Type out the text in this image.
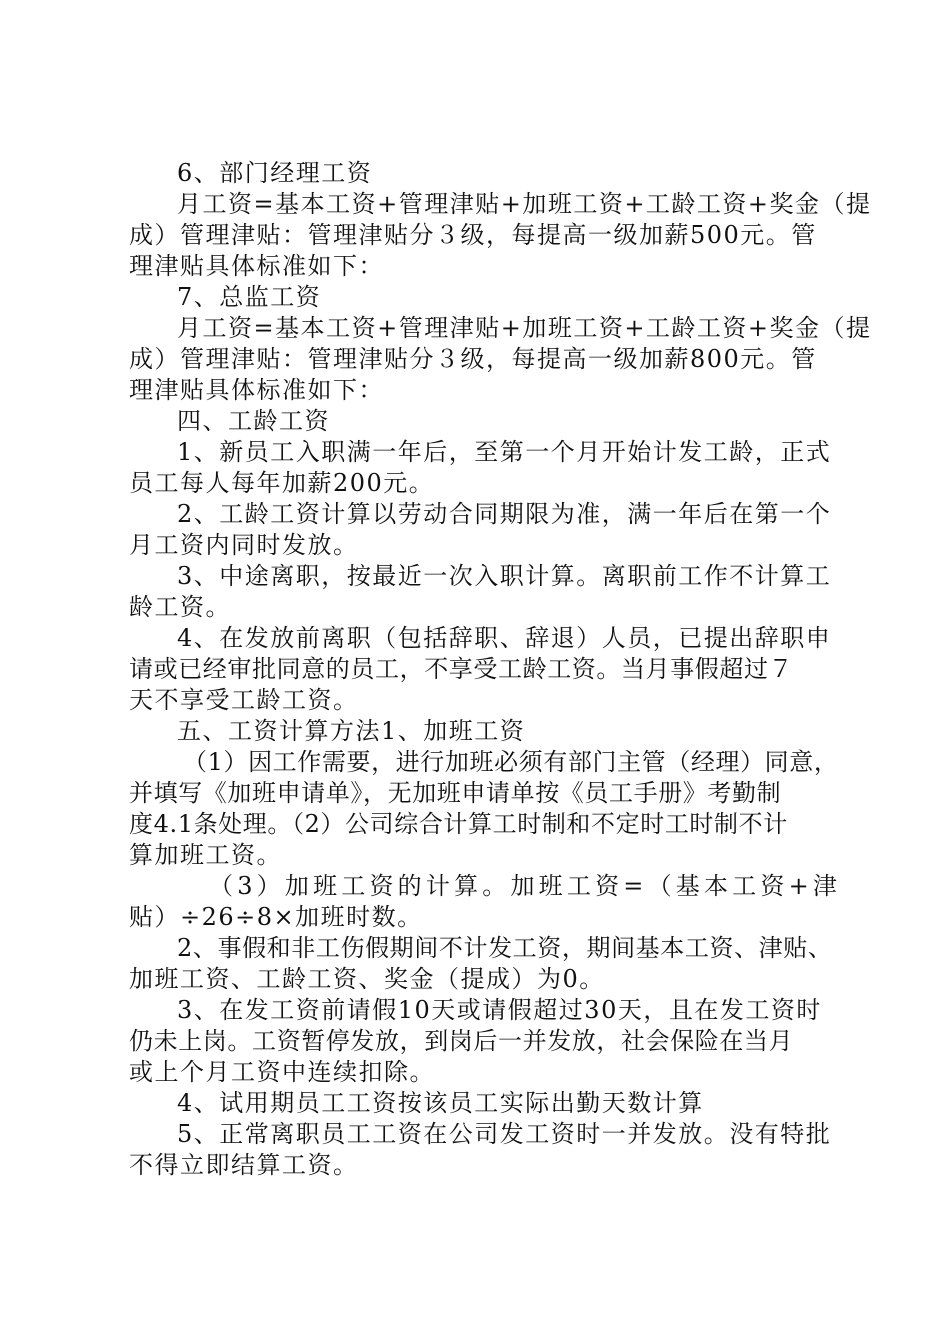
6、部门经理工资
月工资=基本工资+管理津贴+加班工资+工龄工资+奖金（提
成）管理津贴：管理津贴分３级，每提高一级加薪500元。管
理津贴具体标准如下：
7、总监工资
月工资=基本工资+管理津贴+加班工资+工龄工资+奖金（提
成）管理津贴：管理津贴分３级，每提高一级加薪800元。管
理津贴具体标准如下：
四、工龄工资
1、新员工入职满一年后，至第一个月开始计发工龄，正式
员工每人每年加薪200元。
2、工龄工资计算以劳动合同期限为准，满一年后在第一个
月工资内同时发放。
3、中途离职，按最近一次入职计算。离职前工作不计算工
龄工资。
4、在发放前离职（包括辞职、辞退）人员，已提出辞职申
请或已经审批同意的员工，不享受工龄工资。当月事假超过７
天不享受工龄工资。
五、工资计算方法1、加班工资
（1）因工作需要，进行加班必须有部门主管（经理）同意，
并填写《加班申请单》，无加班申请单按《员工手册》考勤制
度4.1条处理。（2）公司综合计算工时制和不定时工时制不计
算加班工资。
（3）加班工资的计算。加班工资=（基本工资+津
贴）÷26÷8×加班时数。
2、事假和非工伤假期间不计发工资，期间基本工资、津贴、
加班工资、工龄工资、奖金（提成）为0。
3、在发工资前请假10天或请假超过30天，且在发工资时
仍未上岗。工资暂停发放，到岗后一并发放，社会保险在当月
或上个月工资中连续扣除。
4、试用期员工工资按该员工实际出勤天数计算
5、正常离职员工工资在公司发工资时一并发放。没有特批
不得立即结算工资。
